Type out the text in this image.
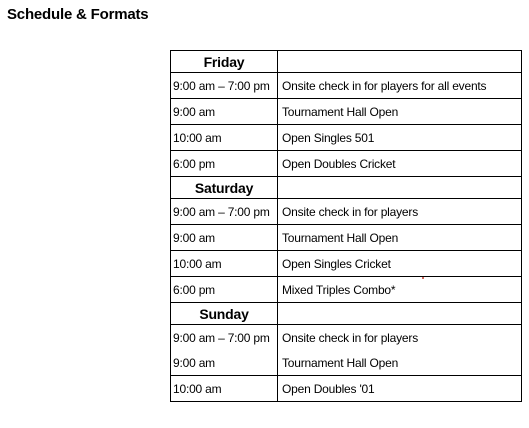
Schedule & Formats
Friday	
9:00 am – 7:00 pm	Onsite check in for players for all events
9:00 am	Tournament Hall Open
10:00 am	Open Singles 501
6:00 pm	Open Doubles Cricket
Saturday	
9:00 am – 7:00 pm	Onsite check in for players
9:00 am	Tournament Hall Open
10:00 am	Open Singles Cricket
6:00 pm	Mixed Triples Combo*
Sunday	
9:00 am – 7:00 pm	Onsite check in for players
9:00 am	Tournament Hall Open
10:00 am	Open Doubles '01
